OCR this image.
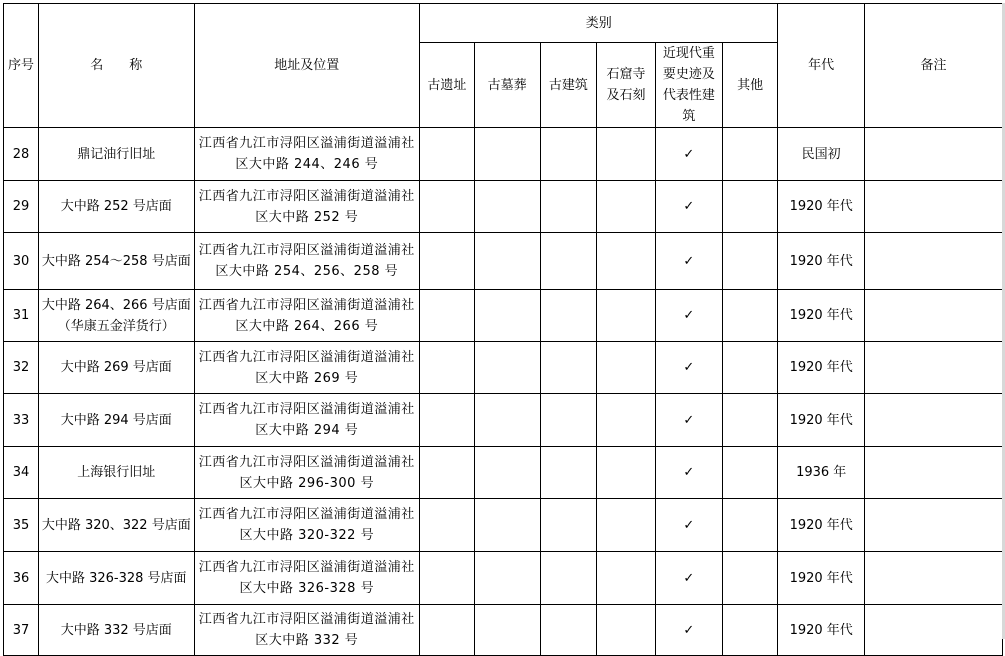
序号	名　　称	地址及位置	类别						年代	备注
			古遗址	古墓葬	古建筑	石窟寺及石刻	近现代重要史迹及代表性建筑	其他		
28	鼎记油行旧址	江西省九江市浔阳区溢浦街道溢浦社区大中路 244、246 号					✓		民国初	
29	大中路 252 号店面	江西省九江市浔阳区溢浦街道溢浦社区大中路 252 号					✓		1920 年代	
30	大中路 254～258 号店面	江西省九江市浔阳区溢浦街道溢浦社区大中路 254、256、258 号					✓		1920 年代	
31	大中路 264、266 号店面（华康五金洋货行）	江西省九江市浔阳区溢浦街道溢浦社区大中路 264、266 号					✓		1920 年代	
32	大中路 269 号店面	江西省九江市浔阳区溢浦街道溢浦社区大中路 269 号					✓		1920 年代	
33	大中路 294 号店面	江西省九江市浔阳区溢浦街道溢浦社区大中路 294 号					✓		1920 年代	
34	上海银行旧址	江西省九江市浔阳区溢浦街道溢浦社区大中路 296-300 号					✓		1936 年	
35	大中路 320、322 号店面	江西省九江市浔阳区溢浦街道溢浦社区大中路 320-322 号					✓		1920 年代	
36	大中路 326-328 号店面	江西省九江市浔阳区溢浦街道溢浦社区大中路 326-328 号					✓		1920 年代	
37	大中路 332 号店面	江西省九江市浔阳区溢浦街道溢浦社区大中路 332 号					✓		1920 年代	
